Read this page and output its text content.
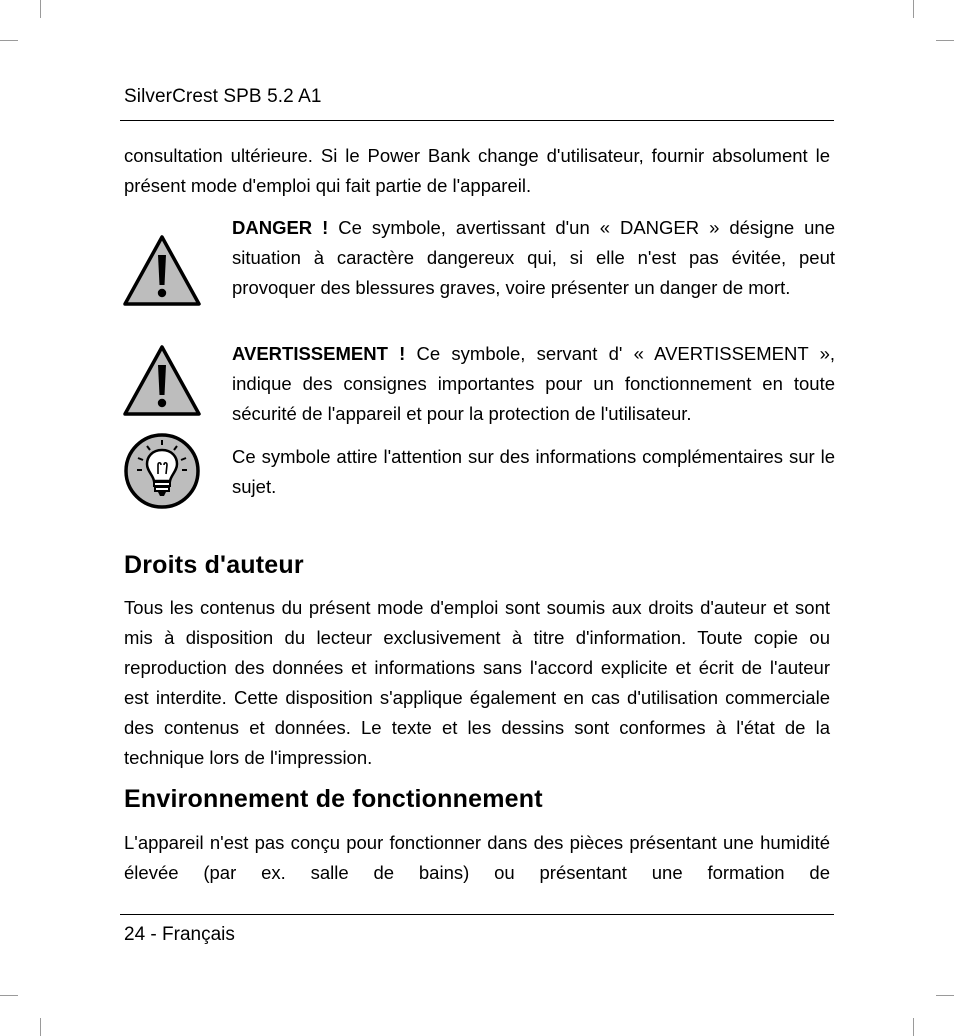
SilverCrest SPB 5.2 A1
consultation ultérieure. Si le Power Bank change d'utilisateur, fournir absolument le présent mode d'emploi qui fait partie de l'appareil.
DANGER ! Ce symbole, avertissant d'un « DANGER » désigne une situation à caractère dangereux qui, si elle n'est pas évitée, peut provoquer des blessures graves, voire présenter un danger de mort.
AVERTISSEMENT ! Ce symbole, servant d' « AVERTISSEMENT », indique des consignes importantes pour un fonctionnement en toute sécurité de l'appareil et pour la protection de l'utilisateur.
Ce symbole attire l'attention sur des informations complémentaires sur le sujet.
Droits d'auteur
Tous les contenus du présent mode d'emploi sont soumis aux droits d'auteur et sont mis à disposition du lecteur exclusivement à titre d'information. Toute copie ou reproduction des données et informations sans l'accord explicite et écrit de l'auteur est interdite. Cette disposition s'applique également en cas d'utilisation commerciale des contenus et données. Le texte et les dessins sont conformes à l'état de la technique lors de l'impression.
Environnement de fonctionnement
L'appareil n'est pas conçu pour fonctionner dans des pièces présentant une humidité élevée (par ex. salle de bains) ou présentant une formation de
24 - Français
